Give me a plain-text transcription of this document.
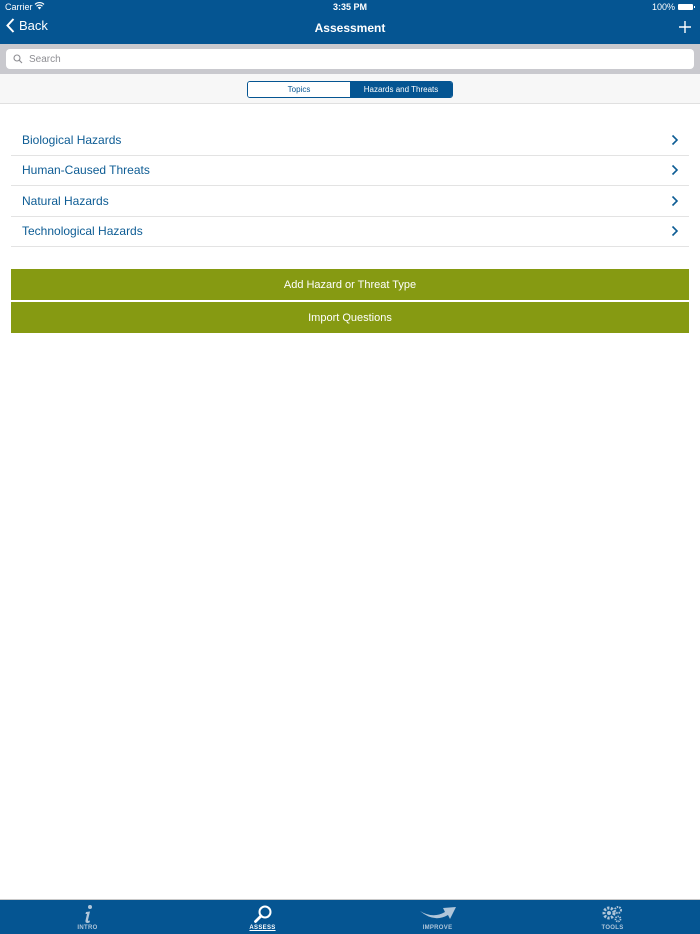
Carrier	3:35 PM	100%
Back	Assessment
Search
Topics	Hazards and Threats
Biological Hazards
Human-Caused Threats
Natural Hazards
Technological Hazards
Add Hazard or Threat Type
Import Questions
INTRO	ASSESS	IMPROVE	TOOLS
